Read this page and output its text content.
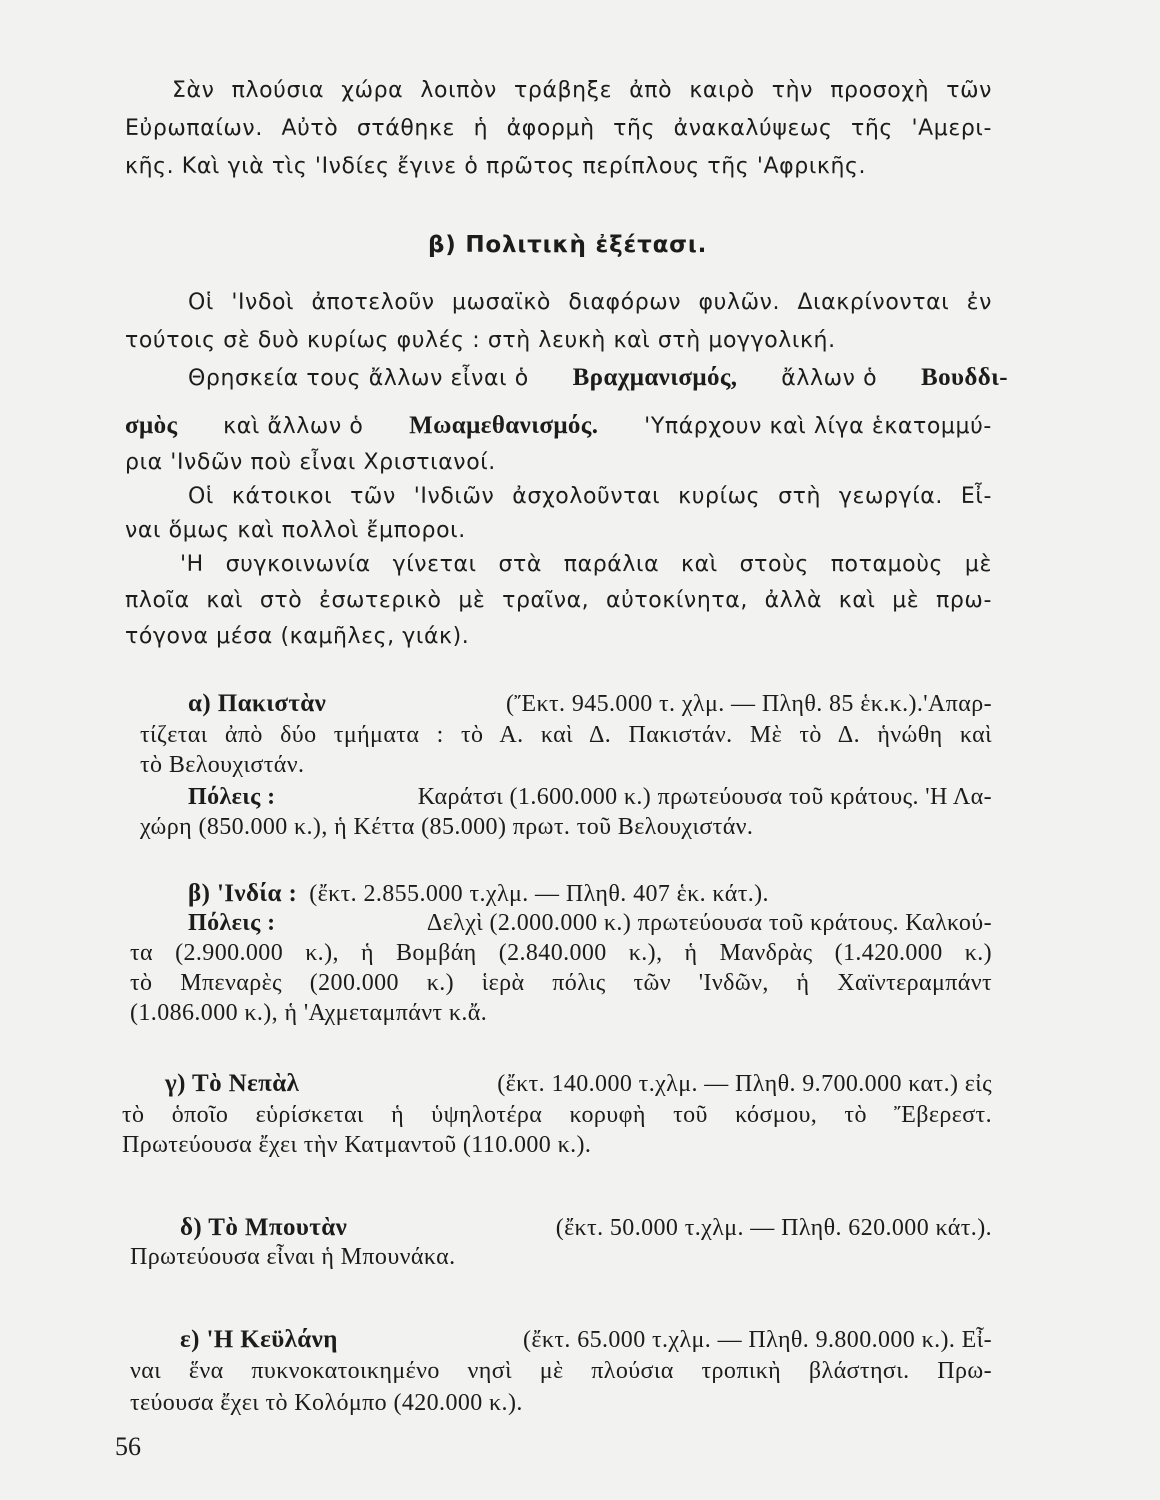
Σὰν πλούσια χώρα λοιπὸν τράβηξε ἀπὸ καιρὸ τὴν προσοχὴ τῶν

Εὐρωπαίων. Αὐτὸ στάθηκε ἡ ἀφορμὴ τῆς ἀνακαλύψεως τῆς 'Αμερι-

κῆς. Καὶ γιὰ τὶς 'Ινδίες ἔγινε ὁ πρῶτος περίπλους τῆς 'Αφρικῆς.

β) Πολιτικὴ ἐξέτασι.

Οἱ 'Ινδοὶ ἀποτελοῦν μωσαϊκὸ διαφόρων φυλῶν. Διακρίνονται ἐν

τούτοις σὲ δυὸ κυρίως φυλές : στὴ λευκὴ καὶ στὴ μογγολική.

Θρησκεία τους ἄλλων εἶναι ὁ Βραχμανισμός, ἄλλων ὁ Βουδδι-
σμὸς καὶ ἄλλων ὁ Μωαμεθανισμός. 'Υπάρχουν καὶ λίγα ἑκατομμύ-

ρια 'Ινδῶν ποὺ εἶναι Χριστιανοί.

Οἱ κάτοικοι τῶν 'Ινδιῶν ἀσχολοῦνται κυρίως στὴ γεωργία. Εἶ-

ναι ὅμως καὶ πολλοὶ ἔμποροι.

'Η συγκοινωνία γίνεται στὰ παράλια καὶ στοὺς ποταμοὺς μὲ

πλοῖα καὶ στὸ ἐσωτερικὸ μὲ τραῖνα, αὐτοκίνητα, ἀλλὰ καὶ μὲ πρω-

τόγονα μέσα (καμῆλες, γιάκ).

α) Πακιστὰν	(Ἔκτ. 945.000 τ. χλμ. — Πληθ. 85 ἑκ.κ.).'Απαρ-

τίζεται ἀπὸ δύο τμήματα : τὸ Α. καὶ Δ. Πακιστάν. Μὲ τὸ Δ. ἡνώθη καὶ

τὸ Βελουχιστάν.

Πόλεις :	Καράτσι (1.600.000 κ.) πρωτεύουσα τοῦ κράτους. 'Η Λα-

χώρη (850.000 κ.), ἡ Κέττα (85.000) πρωτ. τοῦ Βελουχιστάν.

β) 'Ινδία : (ἔκτ. 2.855.000 τ.χλμ. — Πληθ. 407 ἑκ. κάτ.).
Πόλεις :	Δελχὶ (2.000.000 κ.) πρωτεύουσα τοῦ κράτους. Καλκού-

τα (2.900.000 κ.), ἡ Βομβάη (2.840.000 κ.), ἡ Μανδρὰς (1.420.000 κ.)

τὸ Μπεναρὲς (200.000 κ.) ἱερὰ πόλις τῶν 'Ινδῶν, ἡ Χαϊντεραμπάντ

(1.086.000 κ.), ἡ 'Αχμεταμπάντ κ.ἄ.

γ) Τὸ Νεπὰλ	(ἔκτ. 140.000 τ.χλμ. — Πληθ. 9.700.000 κατ.) εἰς

τὸ ὁποῖο εὑρίσκεται ἡ ὑψηλοτέρα κορυφὴ τοῦ κόσμου, τὸ Ἔβερεστ.

Πρωτεύουσα ἔχει τὴν Κατμαντοῦ (110.000 κ.).

δ) Τὸ Μπουτὰν	(ἔκτ. 50.000 τ.χλμ. — Πληθ. 620.000 κάτ.).

Πρωτεύουσα εἶναι ἡ Μπουνάκα.

ε) 'Η Κεϋλάνη	(ἔκτ. 65.000 τ.χλμ. — Πληθ. 9.800.000 κ.). Εἶ-

ναι ἕνα πυκνοκατοικημένο νησὶ μὲ πλούσια τροπικὴ βλάστησι. Πρω-

τεύουσα ἔχει τὸ Κολόμπο (420.000 κ.).

56
